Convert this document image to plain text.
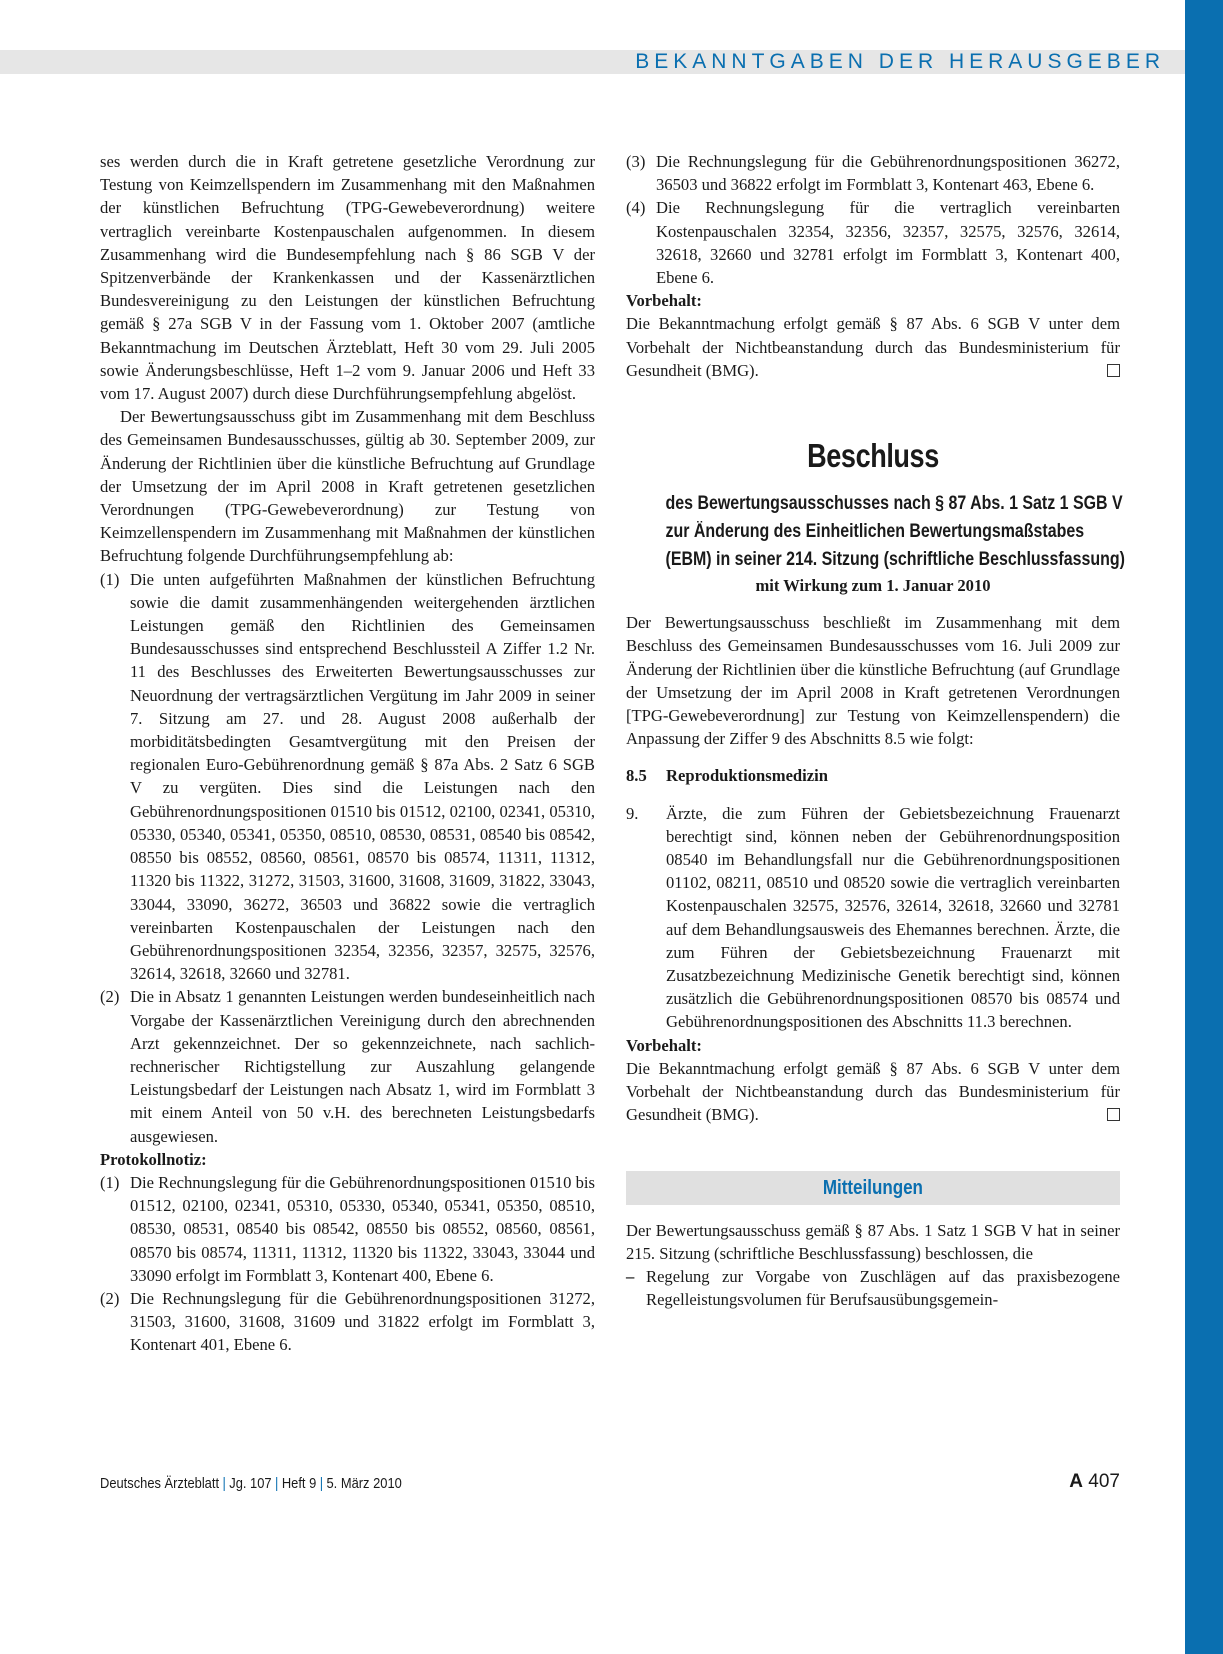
BEKANNTGABEN DER HERAUSGEBER

ses werden durch die in Kraft getretene gesetzliche Verordnung zur Testung von Keimzellspendern im Zusammenhang mit den Maßnahmen der künstlichen Befruchtung (TPG-Gewebeverordnung) weitere vertraglich vereinbarte Kostenpauschalen aufgenommen. In diesem Zusammenhang wird die Bundesempfehlung nach § 86 SGB V der Spitzenverbände der Krankenkassen und der Kassenärztlichen Bundesvereinigung zu den Leistungen der künstlichen Befruchtung gemäß § 27a SGB V in der Fassung vom 1. Oktober 2007 (amtliche Bekanntmachung im Deutschen Ärzteblatt, Heft 30 vom 29. Juli 2005 sowie Änderungsbeschlüsse, Heft 1–2 vom 9. Januar 2006 und Heft 33 vom 17. August 2007) durch diese Durchführungsempfehlung abgelöst.

Der Bewertungsausschuss gibt im Zusammenhang mit dem Beschluss des Gemeinsamen Bundesausschusses, gültig ab 30. September 2009, zur Änderung der Richtlinien über die künstliche Befruchtung auf Grundlage der Umsetzung der im April 2008 in Kraft getretenen gesetzlichen Verordnungen (TPG-Gewebeverordnung) zur Testung von Keimzellenspendern im Zusammenhang mit Maßnahmen der künstlichen Befruchtung folgende Durchführungsempfehlung ab:

(1) Die unten aufgeführten Maßnahmen der künstlichen Befruchtung sowie die damit zusammenhängenden weitergehenden ärztlichen Leistungen gemäß den Richtlinien des Gemeinsamen Bundesausschusses sind entsprechend Beschlussteil A Ziffer 1.2 Nr. 11 des Beschlusses des Erweiterten Bewertungsausschusses zur Neuordnung der vertragsärztlichen Vergütung im Jahr 2009 in seiner 7. Sitzung am 27. und 28. August 2008 außerhalb der morbiditätsbedingten Gesamtvergütung mit den Preisen der regionalen Euro-Gebührenordnung gemäß § 87a Abs. 2 Satz 6 SGB V zu vergüten. Dies sind die Leistungen nach den Gebührenordnungspositionen 01510 bis 01512, 02100, 02341, 05310, 05330, 05340, 05341, 05350, 08510, 08530, 08531, 08540 bis 08542, 08550 bis 08552, 08560, 08561, 08570 bis 08574, 11311, 11312, 11320 bis 11322, 31272, 31503, 31600, 31608, 31609, 31822, 33043, 33044, 33090, 36272, 36503 und 36822 sowie die vertraglich vereinbarten Kostenpauschalen der Leistungen nach den Gebührenordnungspositionen 32354, 32356, 32357, 32575, 32576, 32614, 32618, 32660 und 32781.
(2) Die in Absatz 1 genannten Leistungen werden bundeseinheitlich nach Vorgabe der Kassenärztlichen Vereinigung durch den abrechnenden Arzt gekennzeichnet. Der so gekennzeichnete, nach sachlich-rechnerischer Richtigstellung zur Auszahlung gelangende Leistungsbedarf der Leistungen nach Absatz 1, wird im Formblatt 3 mit einem Anteil von 50 v.H. des berechneten Leistungsbedarfs ausgewiesen.

Protokollnotiz:

(1) Die Rechnungslegung für die Gebührenordnungspositionen 01510 bis 01512, 02100, 02341, 05310, 05330, 05340, 05341, 05350, 08510, 08530, 08531, 08540 bis 08542, 08550 bis 08552, 08560, 08561, 08570 bis 08574, 11311, 11312, 11320 bis 11322, 33043, 33044 und 33090 erfolgt im Formblatt 3, Kontenart 400, Ebene 6.
(2) Die Rechnungslegung für die Gebührenordnungspositionen 31272, 31503, 31600, 31608, 31609 und 31822 erfolgt im Formblatt 3, Kontenart 401, Ebene 6.
(3) Die Rechnungslegung für die Gebührenordnungspositionen 36272, 36503 und 36822 erfolgt im Formblatt 3, Kontenart 463, Ebene 6.
(4) Die Rechnungslegung für die vertraglich vereinbarten Kostenpauschalen 32354, 32356, 32357, 32575, 32576, 32614, 32618, 32660 und 32781 erfolgt im Formblatt 3, Kontenart 400, Ebene 6.

Vorbehalt:

Die Bekanntmachung erfolgt gemäß § 87 Abs. 6 SGB V unter dem Vorbehalt der Nichtbeanstandung durch das Bundesministerium für Gesundheit (BMG).

Beschluss
des Bewertungsausschusses nach § 87 Abs. 1 Satz 1 SGB V
zur Änderung des Einheitlichen Bewertungsmaßstabes
(EBM) in seiner 214. Sitzung (schriftliche Beschlussfassung)

mit Wirkung zum 1. Januar 2010

Der Bewertungsausschuss beschließt im Zusammenhang mit dem Beschluss des Gemeinsamen Bundesausschusses vom 16. Juli 2009 zur Änderung der Richtlinien über die künstliche Befruchtung (auf Grundlage der Umsetzung der im April 2008 in Kraft getretenen Verordnungen [TPG-Gewebeverordnung] zur Testung von Keimzellenspendern) die Anpassung der Ziffer 9 des Abschnitts 8.5 wie folgt:

8.5	Reproduktionsmedizin
9.	Ärzte, die zum Führen der Gebietsbezeichnung Frauenarzt berechtigt sind, können neben der Gebührenordnungsposition 08540 im Behandlungsfall nur die Gebührenordnungspositionen 01102, 08211, 08510 und 08520 sowie die vertraglich vereinbarten Kostenpauschalen 32575, 32576, 32614, 32618, 32660 und 32781 auf dem Behandlungsausweis des Ehemannes berechnen. Ärzte, die zum Führen der Gebietsbezeichnung Frauenarzt mit Zusatzbezeichnung Medizinische Genetik berechtigt sind, können zusätzlich die Gebührenordnungspositionen 08570 bis 08574 und Gebührenordnungspositionen des Abschnitts 11.3 berechnen.

Vorbehalt:

Die Bekanntmachung erfolgt gemäß § 87 Abs. 6 SGB V unter dem Vorbehalt der Nichtbeanstandung durch das Bundesministerium für Gesundheit (BMG).

Mitteilungen

Der Bewertungsausschuss gemäß § 87 Abs. 1 Satz 1 SGB V hat in seiner 215. Sitzung (schriftliche Beschlussfassung) beschlossen, die

– Regelung zur Vorgabe von Zuschlägen auf das praxisbezogene Regelleistungsvolumen für Berufsausübungsgemein-
Deutsches Ärzteblatt | Jg. 107 | Heft 9 | 5. März 2010	A 407
